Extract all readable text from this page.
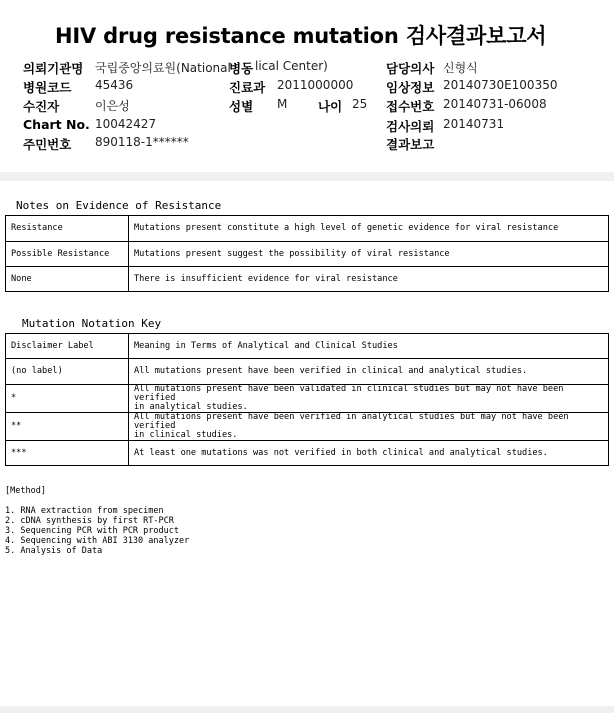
HIV drug resistance mutation 검사결과보고서
의뢰기관명 국립중앙의료원(National
병원코드 45436
수진자	이은성
Chart No. 10042427
주민번호 890118-1******
병동 lical Center)
진료과 2011000000
성별 M 나이 25
담당의사 신형식
임상정보 20140730E100350
접수번호 20140731-06008
검사의뢰 20140731
결과보고
Notes on Evidence of Resistance
Resistance	Mutations present constitute a high level of genetic evidence for viral resistance
Possible Resistance	Mutations present suggest the possibility of viral resistance
None	There is insufficient evidence for viral resistance
Mutation Notation Key
Disclaimer Label	Meaning in Terms of Analytical and Clinical Studies
(no label)	All mutations present have been verified in clinical and analytical studies.
*	All mutations present have been validated in clinical studies but may not have been verified
in analytical studies.

**	All mutations present have been verified in analytical studies but may not have been verified
in clinical studies.

***	At least one mutations was not verified in both clinical and analytical studies.
[Method]
1. RNA extraction from specimen
2. cDNA synthesis by first RT-PCR
3. Sequencing PCR with PCR product
4. Sequencing with ABI 3130 analyzer
5. Analysis of Data
